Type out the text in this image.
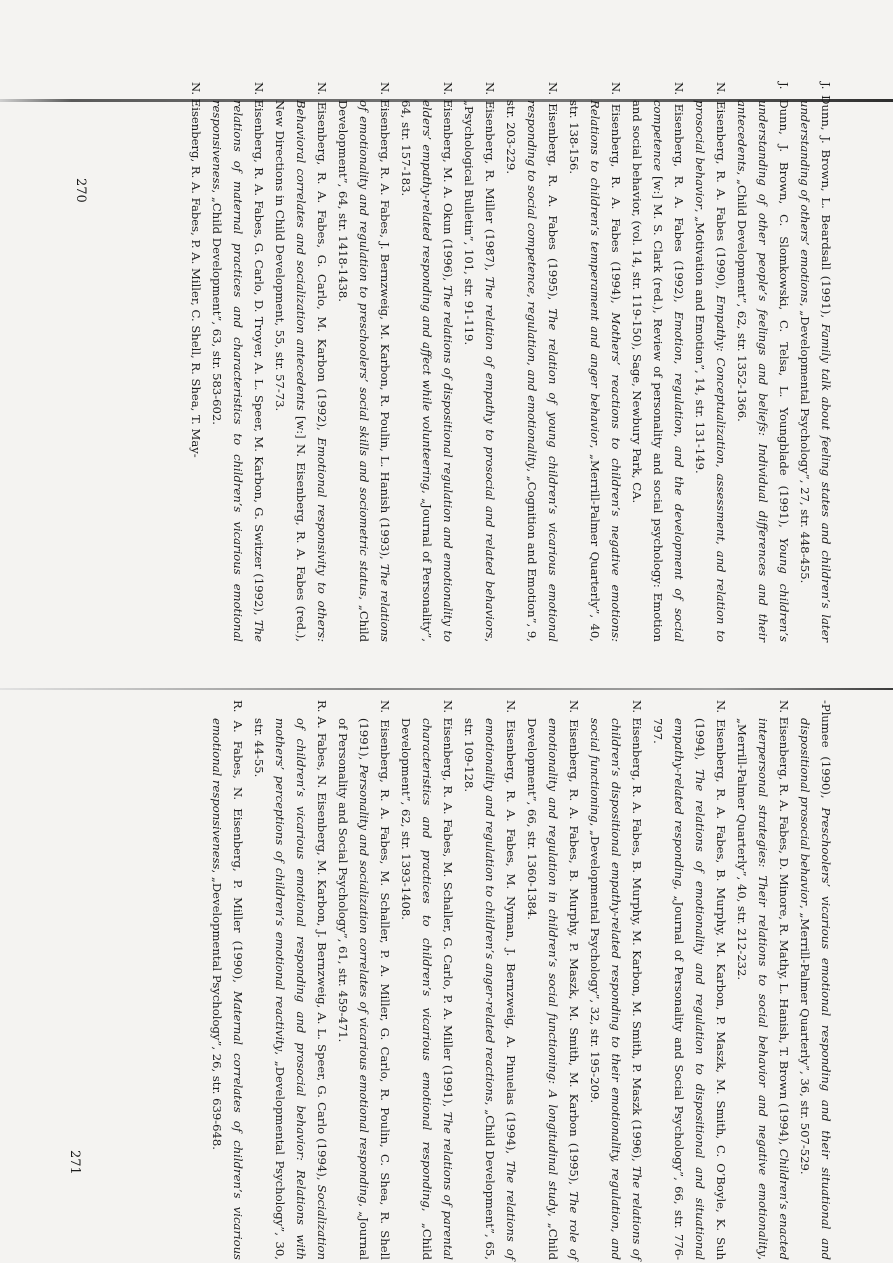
J. Dunn, J. Brown, L. Beardsall (1991), Family talk about feeling states and children’s later understanding of others’ emotions, „Developmental Psychology”, 27, str. 448-455.

J. Dunn, J. Brown, C. Slomkowski, C. Telsa, L. Youngblade (1991), Young children’s understanding of other people’s feelings and beliefs: Individual differences and their antecedents, „Child Development”, 62, str. 1352-1366.

N. Eisenberg, R. A. Fabes (1990), Empathy: Conceptualization, assessment, and relation to prosocial behavior, „Motivation and Emotion”, 14, str. 131-149.

N. Eisenberg, R. A. Fabes (1992), Emotion, regulation, and the development of social competence [w:] M. S. Clark (red.), Review of personality and social psychology: Emotion and social behavior, (vol. 14, str. 119-150), Sage, Newbury Park, CA.

N. Eisenberg, R. A. Fabes (1994), Mothers’ reactions to children’s negative emotions: Relations to children’s temperament and anger behavior, „Merrill-Palmer Quarterly”, 40, str. 138-156.

N. Eisenberg, R. A. Fabes (1995), The relation of young children’s vicarious emotional responding to social competence, regulation, and emotionality, „Cognition and Emotion”, 9, str. 203-229.

N. Eisenberg, R. Miller (1987), The relation of empathy to prosocial and related behaviors, „Psychological Bulletin”, 101, str. 91-119.

N. Eisenberg, M. A. Okun (1996), The relations of dispositional regulation and emotionality to elders’ empathy-related responding and affect while volunteering, „Journal of Personality”, 64, str. 157-183.

N. Eisenberg, R. A. Fabes, J. Bernzweig, M. Karbon, R. Poulin, L. Hanish (1993), The relations of emotionality and regulation to preschoolers’ social skills and sociometric status, „Child Development”, 64, str. 1418-1438.

N. Eisenberg, R. A. Fabes, G. Carlo, M. Karbon (1992), Emotional responsivity to others: Behavioral correlates and socialization antecedents [w:] N. Eisenberg, R. A. Fabes (red.), New Directions in Child Development, 55, str. 57-73.

N. Eisenberg, R. A. Fabes, G. Carlo, D. Troyer, A. L. Speer, M. Karbon, G. Switzer (1992), The relations of maternal practices and characteristics to children’s vicarious emotional responsiveness, „Child Development”, 63, str. 583-602.

N. Eisenberg, R. A. Fabes, P. A. Miller, C. Shell, R. Shea, T. May-

-Plumee (1990), Preschoolers’ vicarious emotional responding and their situational and dispositional prosocial behavior, „Merrill-Palmer Quarterly”, 36, str. 507-529.

N. Eisenberg, R. A. Fabes, D. Minore, R. Mathy, L. Hanish, T. Brown (1994), Children’s enacted interpersonal strategies: Their relations to social behavior and negative emotionality, „Merrill-Palmer Quarterly”, 40, str. 212-232.

N. Eisenberg, R. A. Fabes, B. Murphy, M. Karbon, P. Maszk, M. Smith, C. O’Boyle, K. Suh (1994), The relations of emotionality and regulation to dispositional and situational empathy-related responding, „Journal of Personality and Social Psychology”, 66, str. 776-797.

N. Eisenberg, R. A. Fabes, B. Murphy, M. Karbon, M. Smith, P. Maszk (1996), The relations of children’s dispositional empathy-related responding to their emotionality, regulation, and social functioning, „Developmental Psychology”, 32, str. 195-209.

N. Eisenberg, R. A. Fabes, B. Murphy, P. Maszk, M. Smith, M. Karbon (1995), The role of emotionality and regulation in children’s social functioning: A longitudinal study, „Child Development”, 66, str. 1360-1384.

N. Eisenberg, R. A. Fabes, M. Nyman, J. Bernzweig, A. Pinuelas (1994), The relations of emotionality and regulation to children’s anger-related reactions, „Child Development”, 65, str. 109-128.

N. Eisenberg, R. A. Fabes, M. Schaller, G. Carlo, P. A. Miller (1991), The relations of parental characteristics and practices to children’s vicarious emotional responding, „Child Development”, 62, str. 1393-1408.

N. Eisenberg, R. A. Fabes, M. Schaller, P. A. Miller, G. Carlo, R. Poulin, C. Shea, R. Shell (1991), Personality and socialization correlates of vicarious emotional responding, „Journal of Personality and Social Psychology”, 61, str. 459-471.

R. A. Fabes, N. Eisenberg, M. Karbon, J. Bernzweig, A. L. Speer, G. Carlo (1994), Socialization of children’s vicarious emotional responding and prosocial behavior: Relations with mothers’ perceptions of children’s emotional reactivity, „Developmental Psychology”, 30, str. 44-55.

R. A. Fabes, N. Eisenberg, P. Miller (1990), Maternal correlates of children’s vicarious emotional responsiveness, „Developmental Psychology”, 26, str. 639-648.

270
271
